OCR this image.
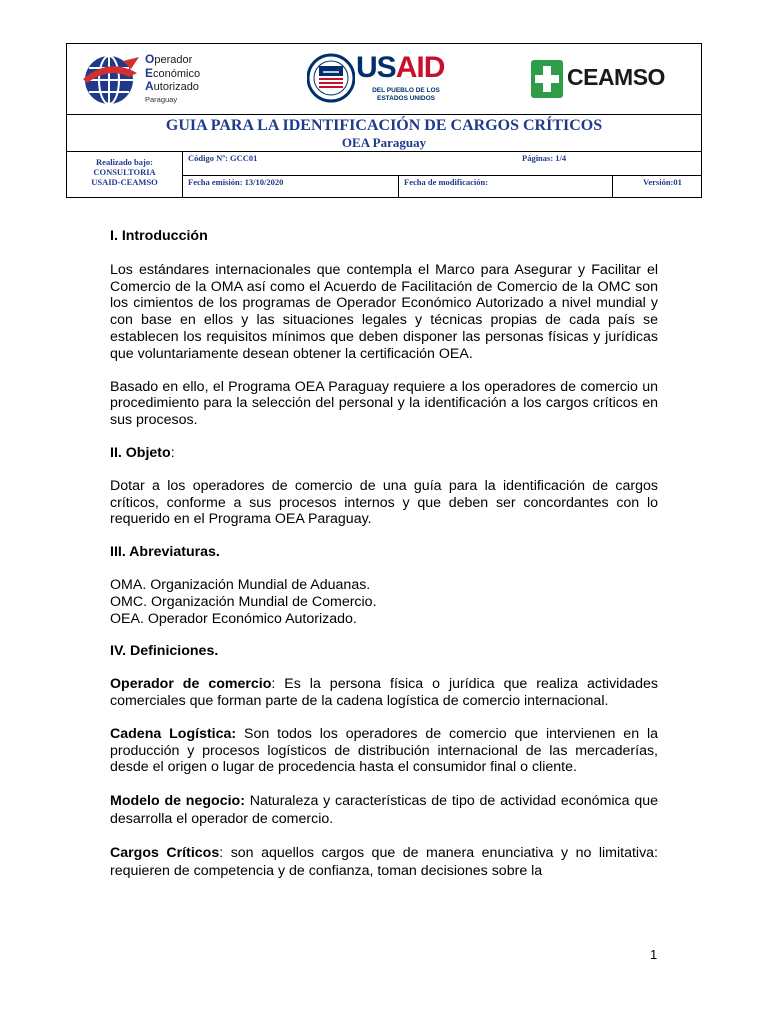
Operador
Económico
Autorizado
Paraguay
USAID
DEL PUEBLO DE LOS ESTADOS UNIDOS
CEAMSO
GUIA PARA LA IDENTIFICACIÓN DE CARGOS CRÍTICOS
OEA Paraguay
Realizado bajo:
CONSULTORIA
USAID-CEAMSO
Código Nº: GCC01	Páginas: 1/4
Fecha emisión: 13/10/2020	Fecha de modificación:	Versión:01

I. Introducción

Los estándares internacionales que contempla el Marco para Asegurar y Facilitar el Comercio de la OMA así como el Acuerdo de Facilitación de Comercio de la OMC son los cimientos de los programas de Operador Económico Autorizado a nivel mundial y con base en ellos y las situaciones legales y técnicas propias de cada país se establecen los requisitos mínimos que deben disponer las personas físicas y jurídicas que voluntariamente desean obtener la certificación OEA.

Basado en ello, el Programa OEA Paraguay requiere a los operadores de comercio un procedimiento para la selección del personal y la identificación a los cargos críticos en sus procesos.

II. Objeto:

Dotar a los operadores de comercio de una guía para la identificación de cargos críticos, conforme a sus procesos internos y que deben ser concordantes con lo requerido en el Programa OEA Paraguay.

III. Abreviaturas.

OMA. Organización Mundial de Aduanas.

OMC. Organización Mundial de Comercio.

OEA. Operador Económico Autorizado.

IV. Definiciones.

Operador de comercio: Es la persona física o jurídica que realiza actividades comerciales que forman parte de la cadena logística de comercio internacional.

Cadena Logística: Son todos los operadores de comercio que intervienen en la producción y procesos logísticos de distribución internacional de las mercaderías, desde el origen o lugar de procedencia hasta el consumidor final o cliente.

Modelo de negocio: Naturaleza y características de tipo de actividad económica que desarrolla el operador de comercio.

Cargos Críticos: son aquellos cargos que de manera enunciativa y no limitativa: requieren de competencia y de confianza, toman decisiones sobre la

1
